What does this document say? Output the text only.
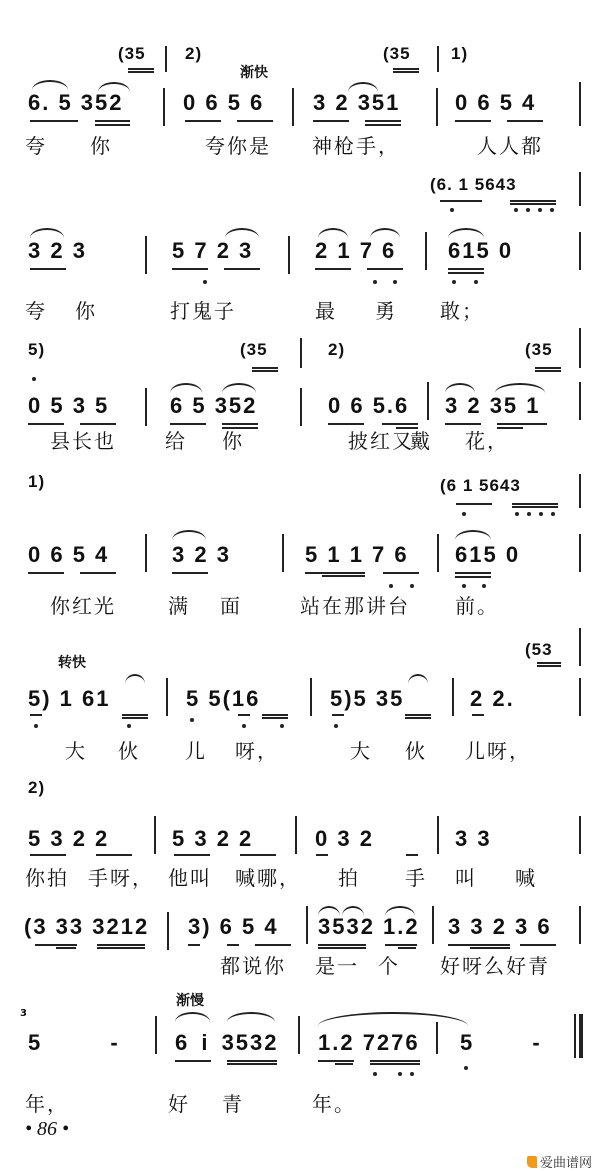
(35 2)
渐快
(35 1)
6. 5 352	0 6 5 6 3 2 351 0 6 5 4
夸 你	夸你是 神枪手，	人人都
(6. 1 5643
3 2 3	5 7 2 3	2 1 7 6 615 0
夸 你	打鬼子	最 勇 敢；
5)	(35	2)	(35
0 5 3 5	6 5 352	0 6 5.6 3 2 35 1
县长也 给 你	披红又
戴 花，
1)	(6 1 5643
0 6 5 4	3 2 3	5 1 1 7 6 615 0
你红光	满 面	站在那讲台 前。
转快
(53
5) 1 61	5 5(16	5)5 35	2 2.
大 伙 儿 呀，	大 伙 儿呀，
2)
5 3 2 2	5 3 2 2	0 3 2	3 3
你拍 手呀， 他叫 喊哪， 拍 手 叫 喊
(3 33 3212 3) 6 5 4 3532 1.2 3 3 2 3 6
都说你 是一 个 好呀么好青
渐慢
3
5 -	6 i 3532 1.2 7276 5 -
年，	好 青	年。
• 86 •
爱曲谱网
